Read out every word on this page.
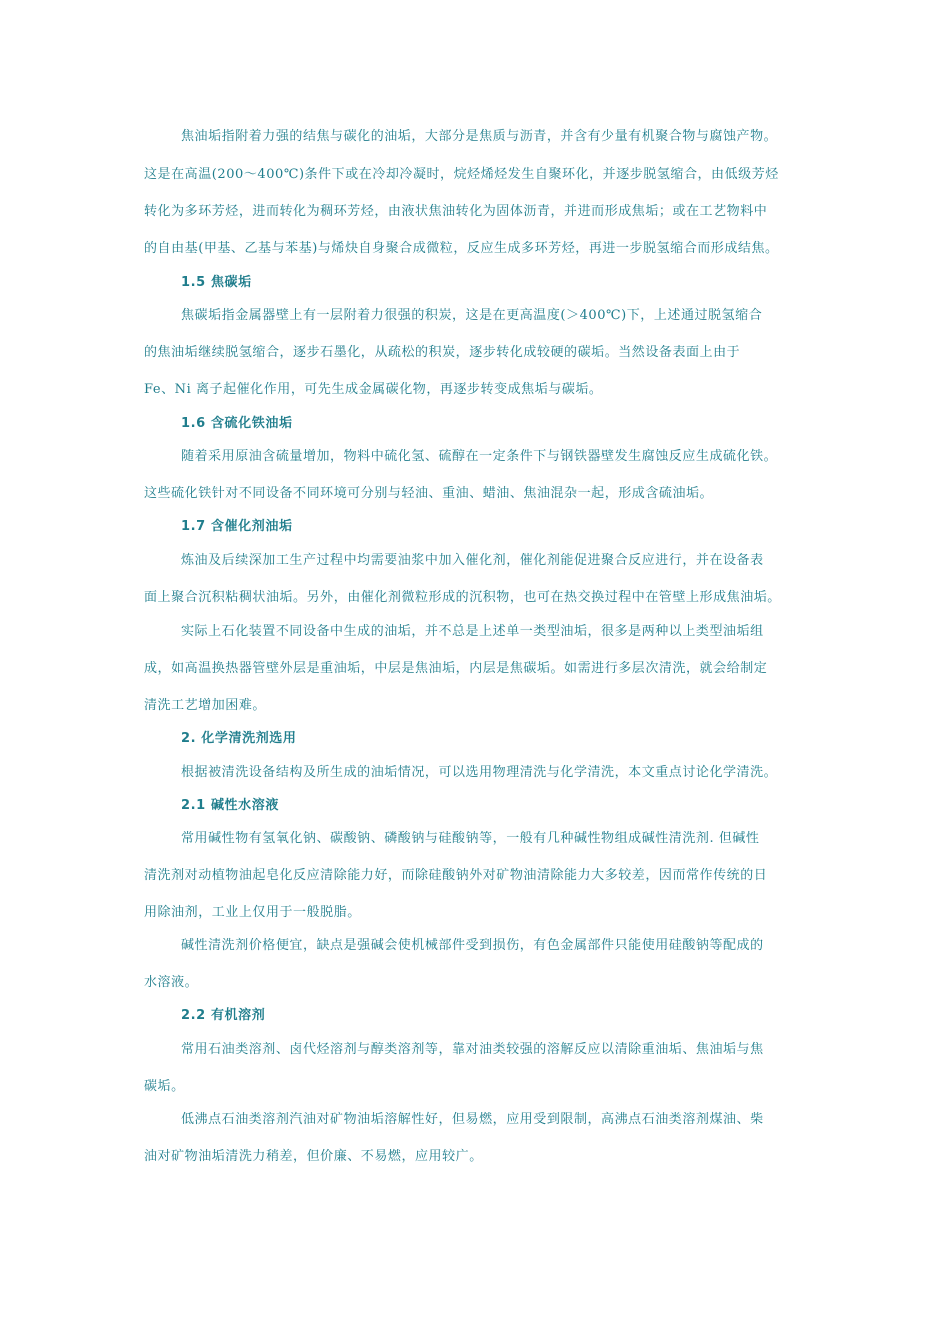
焦油垢指附着力强的结焦与碳化的油垢，大部分是焦质与沥青，并含有少量有机聚合物与腐蚀产物。
这是在高温(200～400℃)条件下或在冷却冷凝时，烷烃烯烃发生自聚环化，并逐步脱氢缩合，由低级芳烃
转化为多环芳烃，进而转化为稠环芳烃，由液状焦油转化为固体沥青，并进而形成焦垢；或在工艺物料中
的自由基(甲基、乙基与苯基)与烯炔自身聚合成微粒，反应生成多环芳烃，再进一步脱氢缩合而形成结焦。
1.5 焦碳垢
焦碳垢指金属器壁上有一层附着力很强的积炭，这是在更高温度(＞400℃)下，上述通过脱氢缩合
的焦油垢继续脱氢缩合，逐步石墨化，从疏松的积炭，逐步转化成较硬的碳垢。当然设备表面上由于
Fe、Ni 离子起催化作用，可先生成金属碳化物，再逐步转变成焦垢与碳垢。
1.6 含硫化铁油垢
随着采用原油含硫量增加，物料中硫化氢、硫醇在一定条件下与钢铁器壁发生腐蚀反应生成硫化铁。
这些硫化铁针对不同设备不同环境可分别与轻油、重油、蜡油、焦油混杂一起，形成含硫油垢。
1.7 含催化剂油垢
炼油及后续深加工生产过程中均需要油浆中加入催化剂，催化剂能促进聚合反应进行，并在设备表
面上聚合沉积粘稠状油垢。另外，由催化剂微粒形成的沉积物，也可在热交换过程中在管壁上形成焦油垢。
实际上石化装置不同设备中生成的油垢，并不总是上述单一类型油垢，很多是两种以上类型油垢组
成，如高温换热器管壁外层是重油垢，中层是焦油垢，内层是焦碳垢。如需进行多层次清洗，就会给制定
清洗工艺增加困难。
2. 化学清洗剂选用
根据被清洗设备结构及所生成的油垢情况，可以选用物理清洗与化学清洗，本文重点讨论化学清洗。
2.1 碱性水溶液
常用碱性物有氢氧化钠、碳酸钠、磷酸钠与硅酸钠等，一般有几种碱性物组成碱性清洗剂. 但碱性
清洗剂对动植物油起皂化反应清除能力好，而除硅酸钠外对矿物油清除能力大多较差，因而常作传统的日
用除油剂，工业上仅用于一般脱脂。
碱性清洗剂价格便宜，缺点是强碱会使机械部件受到损伤，有色金属部件只能使用硅酸钠等配成的
水溶液。
2.2 有机溶剂
常用石油类溶剂、卤代烃溶剂与醇类溶剂等，靠对油类较强的溶解反应以清除重油垢、焦油垢与焦
碳垢。
低沸点石油类溶剂汽油对矿物油垢溶解性好，但易燃，应用受到限制，高沸点石油类溶剂煤油、柴
油对矿物油垢清洗力稍差，但价廉、不易燃，应用较广。
